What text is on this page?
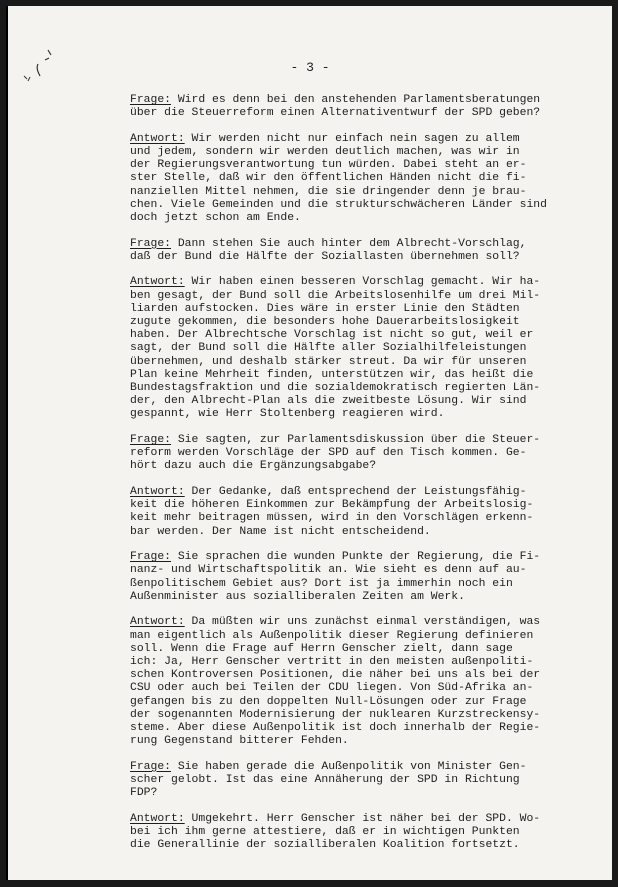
- 3 -
Frage: Wird es denn bei den anstehenden Parlamentsberatungen
über die Steuerreform einen Alternativentwurf der SPD geben?
Antwort: Wir werden nicht nur einfach nein sagen zu allem
und jedem, sondern wir werden deutlich machen, was wir in
der Regierungsverantwortung tun würden. Dabei steht an er-
ster Stelle, daß wir den öffentlichen Händen nicht die fi-
nanziellen Mittel nehmen, die sie dringender denn je brau-
chen. Viele Gemeinden und die strukturschwächeren Länder sind
doch jetzt schon am Ende.
Frage: Dann stehen Sie auch hinter dem Albrecht-Vorschlag,
daß der Bund die Hälfte der Soziallasten übernehmen soll?
Antwort: Wir haben einen besseren Vorschlag gemacht. Wir ha-
ben gesagt, der Bund soll die Arbeitslosenhilfe um drei Mil-
liarden aufstocken. Dies wäre in erster Linie den Städten
zugute gekommen, die besonders hohe Dauerarbeitslosigkeit
haben. Der Albrechtsche Vorschlag ist nicht so gut, weil er
sagt, der Bund soll die Hälfte aller Sozialhilfeleistungen
übernehmen, und deshalb stärker streut. Da wir für unseren
Plan keine Mehrheit finden, unterstützen wir, das heißt die
Bundestagsfraktion und die sozialdemokratisch regierten Län-
der, den Albrecht-Plan als die zweitbeste Lösung. Wir sind
gespannt, wie Herr Stoltenberg reagieren wird.
Frage: Sie sagten, zur Parlamentsdiskussion über die Steuer-
reform werden Vorschläge der SPD auf den Tisch kommen. Ge-
hört dazu auch die Ergänzungsabgabe?
Antwort: Der Gedanke, daß entsprechend der Leistungsfähig-
keit die höheren Einkommen zur Bekämpfung der Arbeitslosig-
keit mehr beitragen müssen, wird in den Vorschlägen erkenn-
bar werden. Der Name ist nicht entscheidend.
Frage: Sie sprachen die wunden Punkte der Regierung, die Fi-
nanz- und Wirtschaftspolitik an. Wie sieht es denn auf au-
ßenpolitischem Gebiet aus? Dort ist ja immerhin noch ein
Außenminister aus sozialliberalen Zeiten am Werk.
Antwort: Da müßten wir uns zunächst einmal verständigen, was
man eigentlich als Außenpolitik dieser Regierung definieren
soll. Wenn die Frage auf Herrn Genscher zielt, dann sage
ich: Ja, Herr Genscher vertritt in den meisten außenpoliti-
schen Kontroversen Positionen, die näher bei uns als bei der
CSU oder auch bei Teilen der CDU liegen. Von Süd-Afrika an-
gefangen bis zu den doppelten Null-Lösungen oder zur Frage
der sogenannten Modernisierung der nuklearen Kurzstreckensy-
steme. Aber diese Außenpolitik ist doch innerhalb der Regie-
rung Gegenstand bitterer Fehden.
Frage: Sie haben gerade die Außenpolitik von Minister Gen-
scher gelobt. Ist das eine Annäherung der SPD in Richtung
FDP?
Antwort: Umgekehrt. Herr Genscher ist näher bei der SPD. Wo-
bei ich ihm gerne attestiere, daß er in wichtigen Punkten
die Generallinie der sozialliberalen Koalition fortsetzt.
